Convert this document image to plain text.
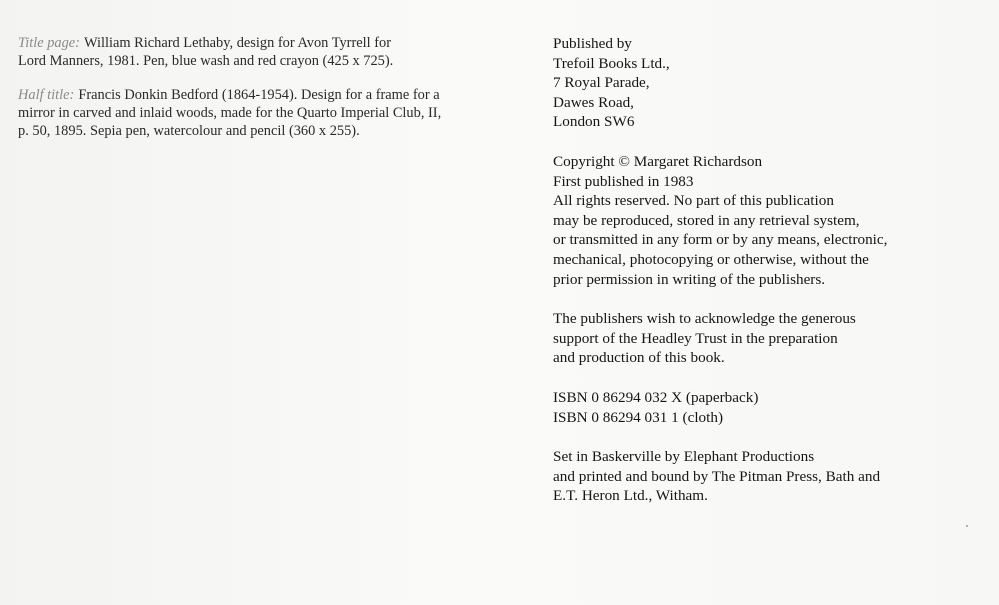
Title page: William Richard Lethaby, design for Avon Tyrrell for
Lord Manners, 1981. Pen, blue wash and red crayon (425 x 725).

Half title: Francis Donkin Bedford (1864-1954). Design for a frame for a
mirror in carved and inlaid woods, made for the Quarto Imperial Club, II,
p. 50, 1895. Sepia pen, watercolour and pencil (360 x 255).

Published by
Trefoil Books Ltd.,
7 Royal Parade,
Dawes Road,
London SW6
Copyright © Margaret Richardson
First published in 1983
All rights reserved. No part of this publication
may be reproduced, stored in any retrieval system,
or transmitted in any form or by any means, electronic,
mechanical, photocopying or otherwise, without the
prior permission in writing of the publishers.
The publishers wish to acknowledge the generous
support of the Headley Trust in the preparation
and production of this book.
ISBN 0 86294 032 X (paperback)
ISBN 0 86294 031 1 (cloth)
Set in Baskerville by Elephant Productions
and printed and bound by The Pitman Press, Bath and
E.T. Heron Ltd., Witham.
